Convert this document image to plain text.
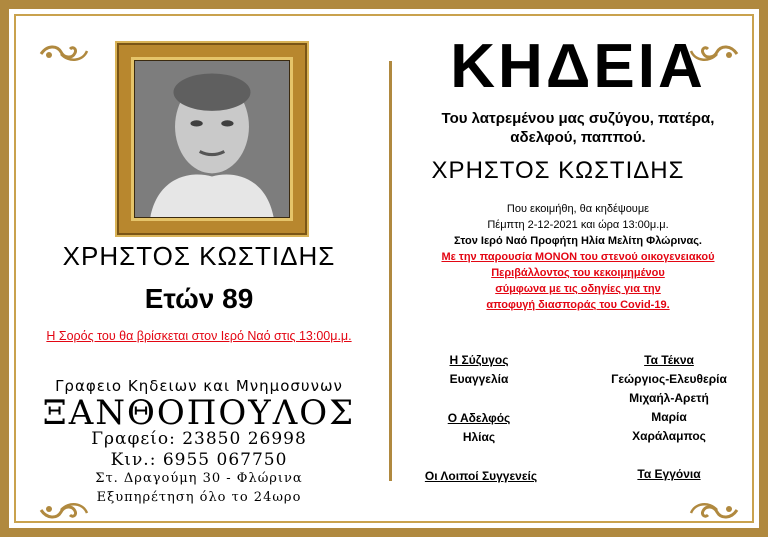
ΧΡΗΣΤΟΣ ΚΩΣΤΙΔΗΣ
Ετών 89
Η Σορός του θα βρίσκεται στον Ιερό Ναό στις 13:00μ.μ.
Γραφειο Κηδειων και Μνημοσυνων
ΞΑΝΘΟΠΟΥΛΟΣ
Γραφείο: 23850 26998
Κιν.: 6955 067750
Στ. Δραγούμη 30 - Φλώρινα
Εξυπηρέτηση όλο το 24ωρο
ΚΗΔΕΙΑ
Του λατρεμένου μας συζύγου, πατέρα,
αδελφού, παππού.
ΧΡΗΣΤΟΣ ΚΩΣΤΙΔΗΣ
Που εκοιμήθη, θα κηδέψουμε
Πέμπτη 2-12-2021 και ώρα 13:00μ.μ.
Στον Ιερό Ναό Προφήτη Ηλία Μελίτη Φλώρινας.
Με την παρουσία ΜΟΝΟΝ του στενού οικογενειακού
Περιβάλλοντος του κεκοιμημένου
σύμφωνα με τις οδηγίες για την
αποφυγή διασποράς του Covid-19.
Η Σύζυγος
Ευαγγελία
Ο Αδελφός
Ηλίας
Οι Λοιποί Συγγενείς
Τα Τέκνα
Γεώργιος-Ελευθερία
Μιχαήλ-Αρετή
Μαρία
Χαράλαμπος
Τα Εγγόνια
